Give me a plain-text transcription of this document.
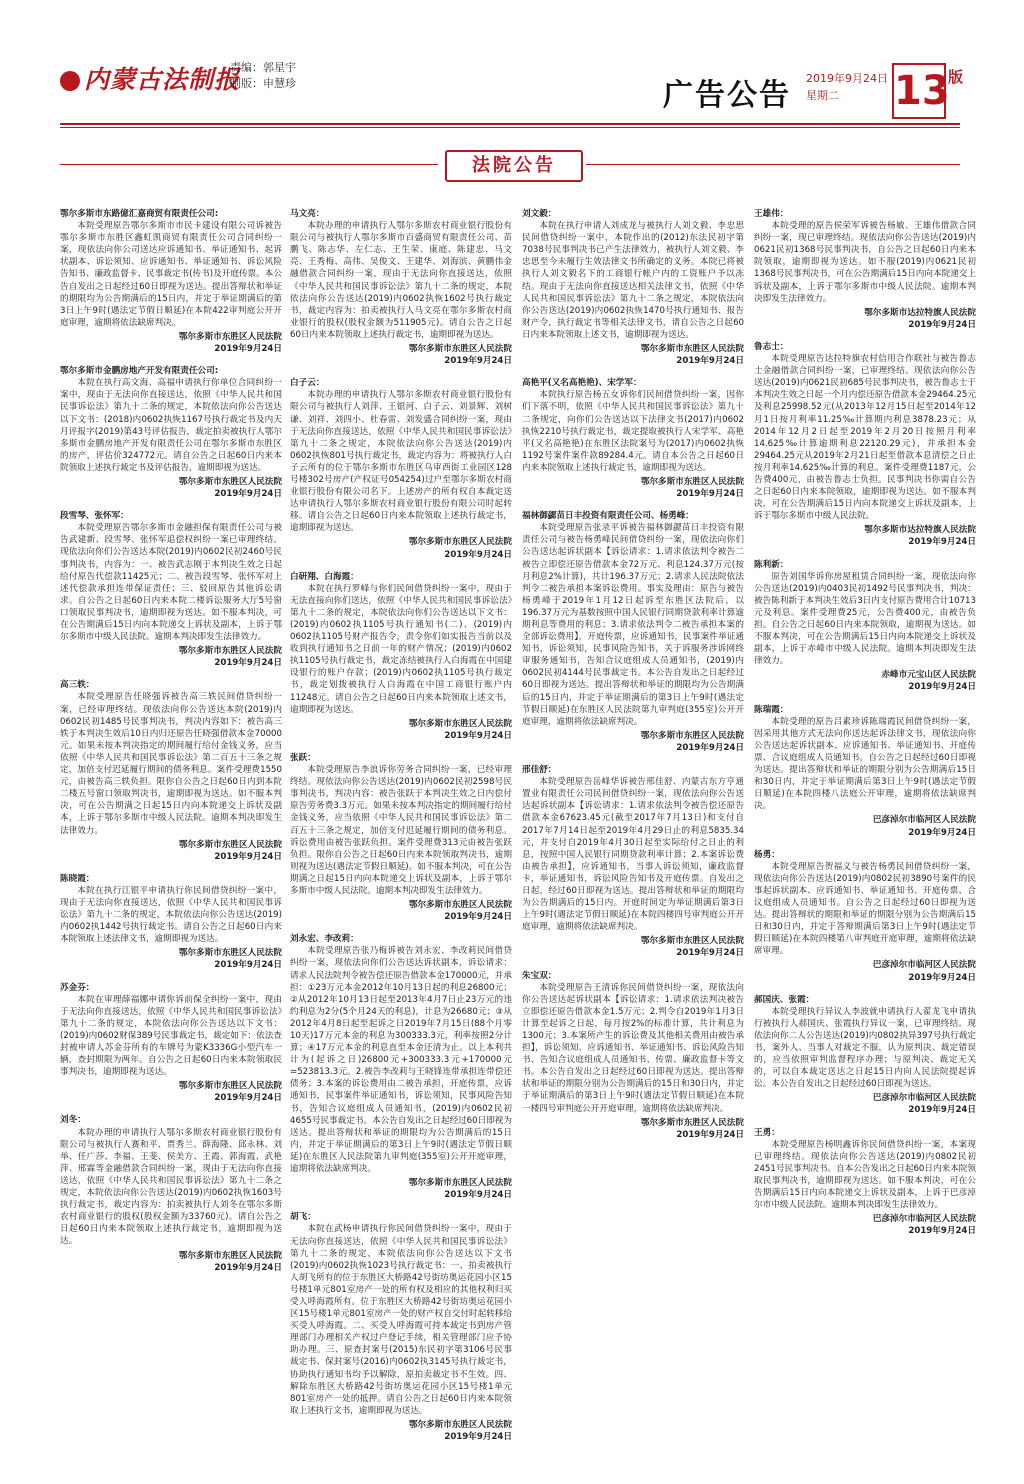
内蒙古法制报
责编：郭星宇
制版：申慧珍	广告公告 2019年9月24日
星期二	13
版
法院公告

鄂尔多斯市东路億汇嘉商贸有限责任公司:

本院受理原告鄂尔多斯市市民卡建设有限公司诉被告鄂尔多斯市东胜区鑫虹凯商贸有限责任公司合同纠纷一案，现依法向你公司送达应诉通知书、举证通知书、起诉状副本、诉讼须知、应诉通知书、举证通知书、诉讼风险告知书、廉政监督卡、民事裁定书(传书)及开庭传票。本公告自发出之日起经过60日即视为送达。提出答辩状和举证的期限均为公告期满后的15日内，并定于举证期满后的第3日上午9时(遇法定节假日顺延)在本院422审判庭公开开庭审理，逾期将依法缺席判决。

鄂尔多斯市东胜区人民法院

2019年9月24日

鄂尔多斯市金鹏房地产开发有限责任公司:

本院在执行高文海、高福申请执行你单位合同纠纷一案中，现由于无法向你直接送达，依照《中华人民共和国民事诉讼法》第九十二条的规定，本院依法向你公告送达以下文书：(2018)内0602执恢1167号执行裁定书及内天月评报字(2019)第43号评估报告，裁定拍卖被执行人鄂尔多斯市金鹏房地产开发有限责任公司在鄂尔多斯市东胜区的房产，评估价324772元。请自公告之日起60日内来本院领取上述执行裁定书及评估报告，逾期即视为送达。

鄂尔多斯市东胜区人民法院

2019年9月24日

段雪琴、张怀军：

本院受理原告鄂尔多斯市金融担保有限责任公司与被告武建新、段雪琴、张怀军追偿权纠纷一案已审理终结。现依法向你们公告送达本院(2019)内0602民初2460号民事判决书，内容为：一、被告武志刚于本判决生效之日起给付原告代偿款11425元；二、被告段雪琴、张怀军对上述代偿款承担连带保证责任；三、驳回原告其他诉讼请求。自公告之日起60日内来本院二楼诉讼服务大厅5号窗口领取民事判决书，逾期即视为送达。如不服本判决，可在公告期满后15日内向本院递交上诉状及副本，上诉于鄂尔多斯市中级人民法院。逾期本判决即发生法律效力。

鄂尔多斯市东胜区人民法院

2019年9月24日

高三轶：

本院受理原告任晓强诉被告高三轶民间借贷纠纷一案，已经审理终结。现依法向你公告送达本院(2019)内0602民初1485号民事判决书，判决内容如下：被告高三轶于本判决生效后10日内归还原告任晓强借款本金70000元。如果未按本判决指定的期间履行给付金钱义务，应当依照《中华人民共和国民事诉讼法》第二百五十三条之规定，加倍支付迟延履行期间的债务利息。案件受理费1550元，由被告高三轶负担。限你自公告之日起60日内到本院二楼五号窗口领取判决书，逾期即视为送达。如不服本判决，可在公告期满之日起15日内向本院递交上诉状及副本，上诉于鄂尔多斯市中级人民法院。逾期本判决即发生法律效力。

鄂尔多斯市东胜区人民法院

2019年9月24日

陈晓霞：

本院在执行江银平申请执行你民间借贷纠纷一案中，现由于无法向你直接送达，依照《中华人民共和国民事诉讼法》第九十二条的规定，本院依法向你公告送达(2019)内0602执1442号执行裁定书。请自公告之日起60日内来本院领取上述法律文书，逾期即视为送达。

鄂尔多斯市东胜区人民法院

2019年9月24日

苏金芬：

本院在审理薛福娜申请你诉前保全纠纷一案中，现由于无法向你直接送达，依照《中华人民共和国民事诉讼法》第九十二条的规定，本院依法向你公告送达以下文书：(2019)内0602财保389号民事裁定书，裁定如下：依法查封被申请人苏金芬所有的车牌号为蒙K3336G小型汽车一辆，查封期限为两年。自公告之日起60日内来本院领取民事判决书，逾期即视为送达。

鄂尔多斯市东胜区人民法院

2019年9月24日

刘冬：

本院办理的申请执行人鄂尔多斯农村商业银行股份有限公司与被执行人赛和平、贾秀兰、薛海隆、邱永林、刘举、任广莎、李福、王斐、侯美方、王霞、郭海霞、武艳萍、邢霖等金融借款合同纠纷一案，现由于无法向你直接送达，依照《中华人民共和国民事诉讼法》第九十二条之规定，本院依法向你公告送达(2019)内0602执恢1603号执行裁定书，裁定内容为：拍卖被执行人刘冬在鄂尔多斯农村商业银行的股权(股权金额为33760元)。请自公告之日起60日内来本院领取上述执行裁定书，逾期即视为送达。

鄂尔多斯市东胜区人民法院

2019年9月24日

马文亮：

本院办理的申请执行人鄂尔多斯农村商业银行股份有限公司与被执行人鄂尔多斯市百盛商贸有限责任公司、苗鹏飞、陈志华、左仁志、王生荣、康庭、陈建忠、马文亮、王秀梅、高伟、吴俊文、王建华、刘海滨、黄鹏伟金融借款合同纠纷一案，现由于无法向你直接送达，依照《中华人民共和国民事诉讼法》第九十二条的规定，本院依法向你公告送达(2019)内0602执恢1602号执行裁定书，裁定内容为：拍卖被执行人马文亮在鄂尔多斯农村商业银行的股权(股权金额为511905元)。请自公告之日起60日内来本院领取上述执行裁定书，逾期即视为送达。

鄂尔多斯市东胜区人民法院

2019年9月24日

白子云：

本院办理的申请执行人鄂尔多斯农村商业银行股份有限公司与被执行人刘萍、王银河、白子云、刘景辉、刘树谦、刘祥、刘四小、杜春雷、刘发盛合同纠纷一案，现由于无法向你直接送达，依照《中华人民共和国民事诉讼法》第九十二条之规定，本院依法向你公告送达(2019)内0602执恢801号执行裁定书，裁定内容为：将被执行人白子云所有的位于鄂尔多斯市东胜区乌审西街工业园区128号楼302号房产(产权证号054254)过户至鄂尔多斯农村商业银行股份有限公司名下。上述房产的所有权自本裁定送达申请执行人鄂尔多斯农村商业银行股份有限公司时起转移。请自公告之日起60日内来本院领取上述执行裁定书，逾期即视为送达。

鄂尔多斯市东胜区人民法院

2019年9月24日

白研翔、白海霞：

本院在执行罗峰与你们民间借贷纠纷一案中，现由于无法直接向你们送达，依照《中华人民共和国民事诉讼法》第九十二条的规定，本院依法向你们公告送达以下文书：(2019)内0602执1105号执行通知书(二)、(2019)内0602执1105号财产报告令，责令你们如实报告当前以及收到执行通知书之日前一年的财产情况；(2019)内0602执1105号执行裁定书，裁定冻结被执行人白海霞在中国建设银行的账户存款；(2019)内0602执1105号执行裁定书，裁定划拨被执行人白海霞在中国工商银行账户内11248元。请自公告之日起60日内来本院领取上述文书，逾期即视为送达。

鄂尔多斯市东胜区人民法院

2019年9月24日

张跃：

本院受理原告李浪诉你劳务合同纠纷一案，已经审理终结。现依法向你公告送达(2019)内0602民初2598号民事判决书，判决内容：被告张跃于本判决生效之日内偿付原告劳务费3.3万元。如果未按本判决指定的期间履行给付金钱义务，应当依照《中华人民共和国民事诉讼法》第二百五十三条之规定，加倍支付迟延履行期间的债务利息。诉讼费用由被告张跃负担。案件受理费313元由被告张跃负担。限你自公告之日起60日内来本院领取判决书，逾期则视为送达(遇法定节假日顺延)。如不服本判决，可在公告期满之日起15日内向本院递交上诉状及副本，上诉于鄂尔多斯市中级人民法院。逾期本判决即发生法律效力。

鄂尔多斯市东胜区人民法院

2019年9月24日

刘永宏、李改莉：

本院受理原告张乃梅诉被告刘永宏、李改莉民间借贷纠纷一案，现依法向你们公告送达诉状副本，诉讼请求：请求人民法院判令被告偿还原告借款本金170000元，并承担：①23万元本金2012年10月13日起的利息26800元；②从2012年10月13日起至2013年4月7日止23万元的违约利息为2分(5个月24天的利息)，计息为26680元；③从2012年4月8日起至起诉之日2019年7月15日(88个月零10天)17万元本金的利息为300333.3元，利率按照2分计算；④17万元本金的利息直至本金还清为止。以上本利共计为(起诉之日)26800元+300333.3元+170000元=523813.3元。2.被告李改莉与王晓锋连带承担连带偿还债务；3.本案的诉讼费用由二被告承担，开庭传票，应诉通知书，民事案件举证通知书，诉讼须知，民事风险告知书，告知合议庭组成人员通知书，(2019)内0602民初4655号民事裁定书。本公告自发出之日起经过60日即视为送达。提出答辩状和举证的期限均为公告期满后的15日内，并定于举证期满后的第3日上午9时(遇法定节假日顺延)在东胜区人民法院第九审判庭(355室)公开开庭审理，逾期将依法缺席判决。

鄂尔多斯市东胜区人民法院

2019年9月24日

胡飞：

本院在武杨申请执行你民间借贷纠纷一案中，现由于无法向你直接送达，依照《中华人民共和国民事诉讼法》第九十二条的规定，本院依法向你公告送达以下文书(2019)内0602执恢1023号执行裁定书：一、拍卖被执行人胡飞所有的位于东胜区大桥路42号街坊奥运花园小区15号楼1单元801室房产一处的所有权及相应的其他权利归买受人呼海霞所有。位于东胜区大桥路42号街坊奥运花园小区15号楼1单元801室房产一处的财产权自交付时起转移给买受人呼海霞。二、买受人呼海霞可持本裁定书到房产管理部门办理相关产权过户登记手续，相关管理部门应予协助办理。三、原查封案号(2015)东民初字第3106号民事裁定书、保封案号(2016)内0602执3145号执行裁定书，协助执行通知书均予以解除，原拍卖裁定书不生效。四、解除东胜区大桥路42号街坊奥运花园小区15号楼1单元801室房产一处的抵押。请自公告之日起60日内来本院领取上述执行文书，逾期即视为送达。

鄂尔多斯市东胜区人民法院

2019年9月24日

刘文毅：

本院在执行申请人刘成龙与被执行人刘文毅、李忠思民间借贷纠纷一案中，本院作出的(2012)东法民初字第7038号民事判决书已产生法律效力，被执行人刘文毅、李忠思至今未履行生效法律文书所确定的义务。本院已将被执行人刘文毅名下的工商银行帐户内的工资账户予以冻结。现由于无法向你直接送达相关法律文书，依照《中华人民共和国民事诉讼法》第九十二条之规定，本院依法向你公告送达(2019)内0602执恢1470号执行通知书、报告财产令，执行裁定书等相关法律文书，请自公告之日起60日内来本院领取上述文书，逾期即视为送达。

鄂尔多斯市东胜区人民法院

2019年9月24日

高艳平(又名高艳艳)、宋学军：

本院执行原告杨五女诉你们民间借贷纠纷一案，因你们下落不明，依照《中华人民共和国民事诉讼法》第九十二条规定，向你们公告送达以下法律文书(2017)内0602执恢2210号执行裁定书，裁定提取被执行人宋学军、高艳平(又名高艳艳)在东胜区法院案号为(2017)内0602执恢1192号案件案件款89284.4元。请自本公告之日起60日内来本院领取上述执行裁定书，逾期即视为送达。

鄂尔多斯市东胜区人民法院

2019年9月24日

福林御勰苗日丰投资有限责任公司、杨勇峰：

本院受理原告张录平诉被告福林御勰苗日丰投资有限责任公司与被告杨勇峰民间借贷纠纷一案，现依法向你们公告送达起诉状副本【诉讼请求：1.请求依法判令被告二被告立即偿还原告借款本金72万元、利息124.37万元(按月利息2%计算)，共计196.37万元；2.请求人民法院依法判令二被告承担本案诉讼费用。事实及理由：原告与被告杨勇峰于2019年1月12日起诉至东胜区法院后，以196.37万元为基数按照中国人民银行同期贷款利率计算逾期利息等费用的利息；3.请求依法判令二被告承担本案的全部诉讼费用】，开庭传票，应诉通知书，民事案件举证通知书，诉讼须知，民事风险告知书，关于诉服务涉诉网终审服务通知书，告知合议庭组成人员通知书，(2019)内0602民初4144号民事裁定书。本公告自发出之日起经过60日即视为送达。提出答辩状和举证的期限均为公告期满后的15日内，并定于举证期满后的第3日上午9时(遇法定节假日顺延)在东胜区人民法院第九审判庭(355室)公开开庭审理，逾期将依法缺席判决。

鄂尔多斯市东胜区人民法院

2019年9月24日

邢佳舒：

本院受理原告岳峰华诉被告邢佳舒、内蒙古东方亨通置业有限责任公司民间借贷纠纷一案，现依法向你公告送达起诉状副本【诉讼请求：1.请求依法判令被告偿还原告借款本金67623.45元(截至2017年7月13日)和支付自2017年7月14日起至2019年4月29日止的利息5835.34元，并支付自2019年4月30日起至实际给付之日止的利息，按照中国人民银行同期贷款利率计算；2.本案诉讼费由被告承担】，应诉通知书，当事人诉讼须知，廉政监督卡，举证通知书，诉讼风险告知书及开庭传票。自发出之日起，经过60日即视为送达。提出答辩状和举证的期限均为公告期满后的15日内。开庭时间定为举证期满后第3日上午9时(遇法定节假日顺延)在本院四楼四号审判庭公开开庭审理，逾期将依法缺席判决。

鄂尔多斯市东胜区人民法院

2019年9月24日

朱宝双：

本院受理原告王清诉你民间借贷纠纷一案，现依法向你公告送达起诉状副本【诉讼请求：1.请求依法判决被告立即偿还原告借款本金1.5万元；2.判令自2019年1月3日计算至起诉之日起，每月按2%的标准计算，共计利息为1300元；3.本案所产生的诉讼费及其他相关费用由被告承担】，诉讼须知、应诉通知书、举证通知书、诉讼风险告知书、告知合议庭组成人员通知书、传票、廉政监督卡等文书。本公告自发出之日起经过60日即视为送达。提出答辩状和举证的期限分别为公告期满后的15日和30日内，并定于举证期满后的第3日上午9时(遇法定节假日顺延)在本院一楼四号审判庭公开开庭审理，逾期将依法缺席判决。

鄂尔多斯市东胜区人民法院

2019年9月24日

王雄伟：

本院受理的原告侯荣军诉被告杨敏、王雄伟借款合同纠纷一案，现已审理终结。现依法向你公告送达(2019)内0621民初1368号民事判决书，自公告之日起60日内来本院领取，逾期即视为送达。如不服(2019)内0621民初1368号民事判决书，可在公告期满后15日内向本院递交上诉状及副本，上诉于鄂尔多斯市中级人民法院。逾期本判决即发生法律效力。

鄂尔多斯市达拉特旗人民法院

2019年9月24日

鲁志士：

本院受理原告达拉特旗农村信用合作联社与被告鲁志士金融借款合同纠纷一案，已审理终结。现依法向你公告送达(2019)内0621民初685号民事判决书，被告鲁志士于本判决生效之日起一个月内偿还原告借款本金29464.25元及利息25998.52元(从2013年12月15日起至2014年12月1日按月利率11.25‰计算期内利息3878.23元；从2014年12月2日起至2019年2月20日按照月利率14.625‰计算逾期利息22120.29元)，并承担本金29464.25元从2019年2月21日起至借款本息清偿之日止按月利率14.625‰计算的利息。案件受理费1187元，公告费400元，由被告鲁志士负担。民事判决书你需自公告之日起60日内来本院领取，逾期即视为送达。如不服本判决，可在公告期满后15日内向本院递交上诉状及副本，上诉于鄂尔多斯市中级人民法院。

鄂尔多斯市达拉特旗人民法院

2019年9月24日

陈利新：

原告刘国华诉你房屋租赁合同纠纷一案，现依法向你公告送达(2019)内0403民初1492号民事判决书，判决：被告陈利新于本判决生效后3日内支付原告费用合计10713元及利息。案件受理费25元，公告费400元，由被告负担。自公告之日起60日内来本院领取，逾期视为送达。如不服本判决，可在公告期满后15日内向本院递交上诉状及副本，上诉于赤峰市中级人民法院。逾期本判决即发生法律效力。

赤峰市元宝山区人民法院

2019年9月24日

陈瑞霞：

本院受理的原告吕素珍诉陈瑞霞民间借贷纠纷一案，因采用其他方式无法向你送达起诉法律文书，现依法向你公告送达起诉状副本、应诉通知书、举证通知书、开庭传票、合议庭组成人员通知书。自公告之日起经过60日即视为送达。提出答辩状和举证的期限分别为公告期满后15日和30日内，并定于举证期满后第3日上午9时(遇法定节假日顺延)在本院四楼八法庭公开审理，逾期将依法缺席判决。

巴彦淖尔市临河区人民法院

2019年9月24日

杨勇：

本院受理原告贺福义与被告杨勇民间借贷纠纷一案，现依法向你公告送达(2019)内0802民初3890号案件的民事起诉状副本、应诉通知书、举证通知书、开庭传票、合议庭组成人员通知书。自公告之日起经过60日即视为送达。提出答辩状的期限和举证的期限分别为公告期满后15日和30日内，并定于答辩期满后第3日上午9时(遇法定节假日顺延)在本院四楼第八审判庭开庭审理，逾期将依法缺席审理。

巴彦淖尔市临河区人民法院

2019年9月24日

郝国庆、张霞：

本院受理执行异议人李波就申请执行人翟龙飞申请执行被执行人郝国庆、张霞执行异议一案，已审理终结。现依法向你二人公告送达(2019)内0802执异397号执行裁定书，案外人、当事人对裁定不服，认为原判决、裁定错误的，应当依照审判监督程序办理；与原判决、裁定无关的，可以自本裁定送达之日起15日内向人民法院提起诉讼。本公告自发出之日起经过60日即视为送达。

巴彦淖尔市临河区人民法院

2019年9月24日

王勇：

本院受理原告杨明鑫诉你民间借贷纠纷一案，本案现已审理终结。现依法向你公告送达(2019)内0802民初2451号民事判决书。自本公告发出之日起60日内来本院领取民事判决书，逾期即视为送达。如不服本判决，可在公告期满后15日内向本院递交上诉状及副本，上诉于巴彦淖尔市中级人民法院。逾期本判决即发生法律效力。

巴彦淖尔市临河区人民法院

2019年9月24日
